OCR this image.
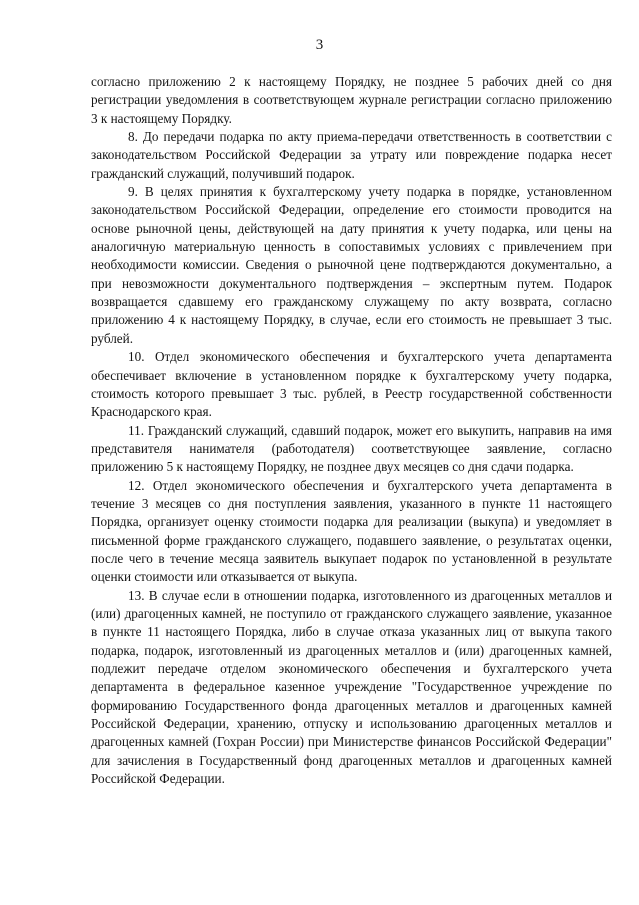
3

согласно приложению 2 к настоящему Порядку, не позднее 5 рабочих дней со дня регистрации уведомления в соответствующем журнале регистрации согласно приложению 3 к настоящему Порядку.

8. До передачи подарка по акту приема-передачи ответственность в соответствии с законодательством Российской Федерации за утрату или повреждение подарка несет гражданский служащий, получивший подарок.

9. В целях принятия к бухгалтерскому учету подарка в порядке, установленном законодательством Российской Федерации, определение его стоимости проводится на основе рыночной цены, действующей на дату принятия к учету подарка, или цены на аналогичную материальную ценность в сопоставимых условиях с привлечением при необходимости комиссии. Сведения о рыночной цене подтверждаются документально, а при невозможности документального подтверждения – экспертным путем. Подарок возвращается сдавшему его гражданскому служащему по акту возврата, согласно приложению 4 к настоящему Порядку, в случае, если его стоимость не превышает 3 тыс. рублей.

10. Отдел экономического обеспечения и бухгалтерского учета департамента обеспечивает включение в установленном порядке к бухгалтерскому учету подарка, стоимость которого превышает 3 тыс. рублей, в Реестр государственной собственности Краснодарского края.

11. Гражданский служащий, сдавший подарок, может его выкупить, направив на имя представителя нанимателя (работодателя) соответствующее заявление, согласно приложению 5 к настоящему Порядку, не позднее двух месяцев со дня сдачи подарка.

12. Отдел экономического обеспечения и бухгалтерского учета департамента в течение 3 месяцев со дня поступления заявления, указанного в пункте 11 настоящего Порядка, организует оценку стоимости подарка для реализации (выкупа) и уведомляет в письменной форме гражданского служащего, подавшего заявление, о результатах оценки, после чего в течение месяца заявитель выкупает подарок по установленной в результате оценки стоимости или отказывается от выкупа.

13. В случае если в отношении подарка, изготовленного из драгоценных металлов и (или) драгоценных камней, не поступило от гражданского служащего заявление, указанное в пункте 11 настоящего Порядка, либо в случае отказа указанных лиц от выкупа такого подарка, подарок, изготовленный из драгоценных металлов и (или) драгоценных камней, подлежит передаче отделом экономического обеспечения и бухгалтерского учета департамента в федеральное казенное учреждение "Государственное учреждение по формированию Государственного фонда драгоценных металлов и драгоценных камней Российской Федерации, хранению, отпуску и использованию драгоценных металлов и драгоценных камней (Гохран России) при Министерстве финансов Российской Федерации" для зачисления в Государственный фонд драгоценных металлов и драгоценных камней Российской Федерации.
